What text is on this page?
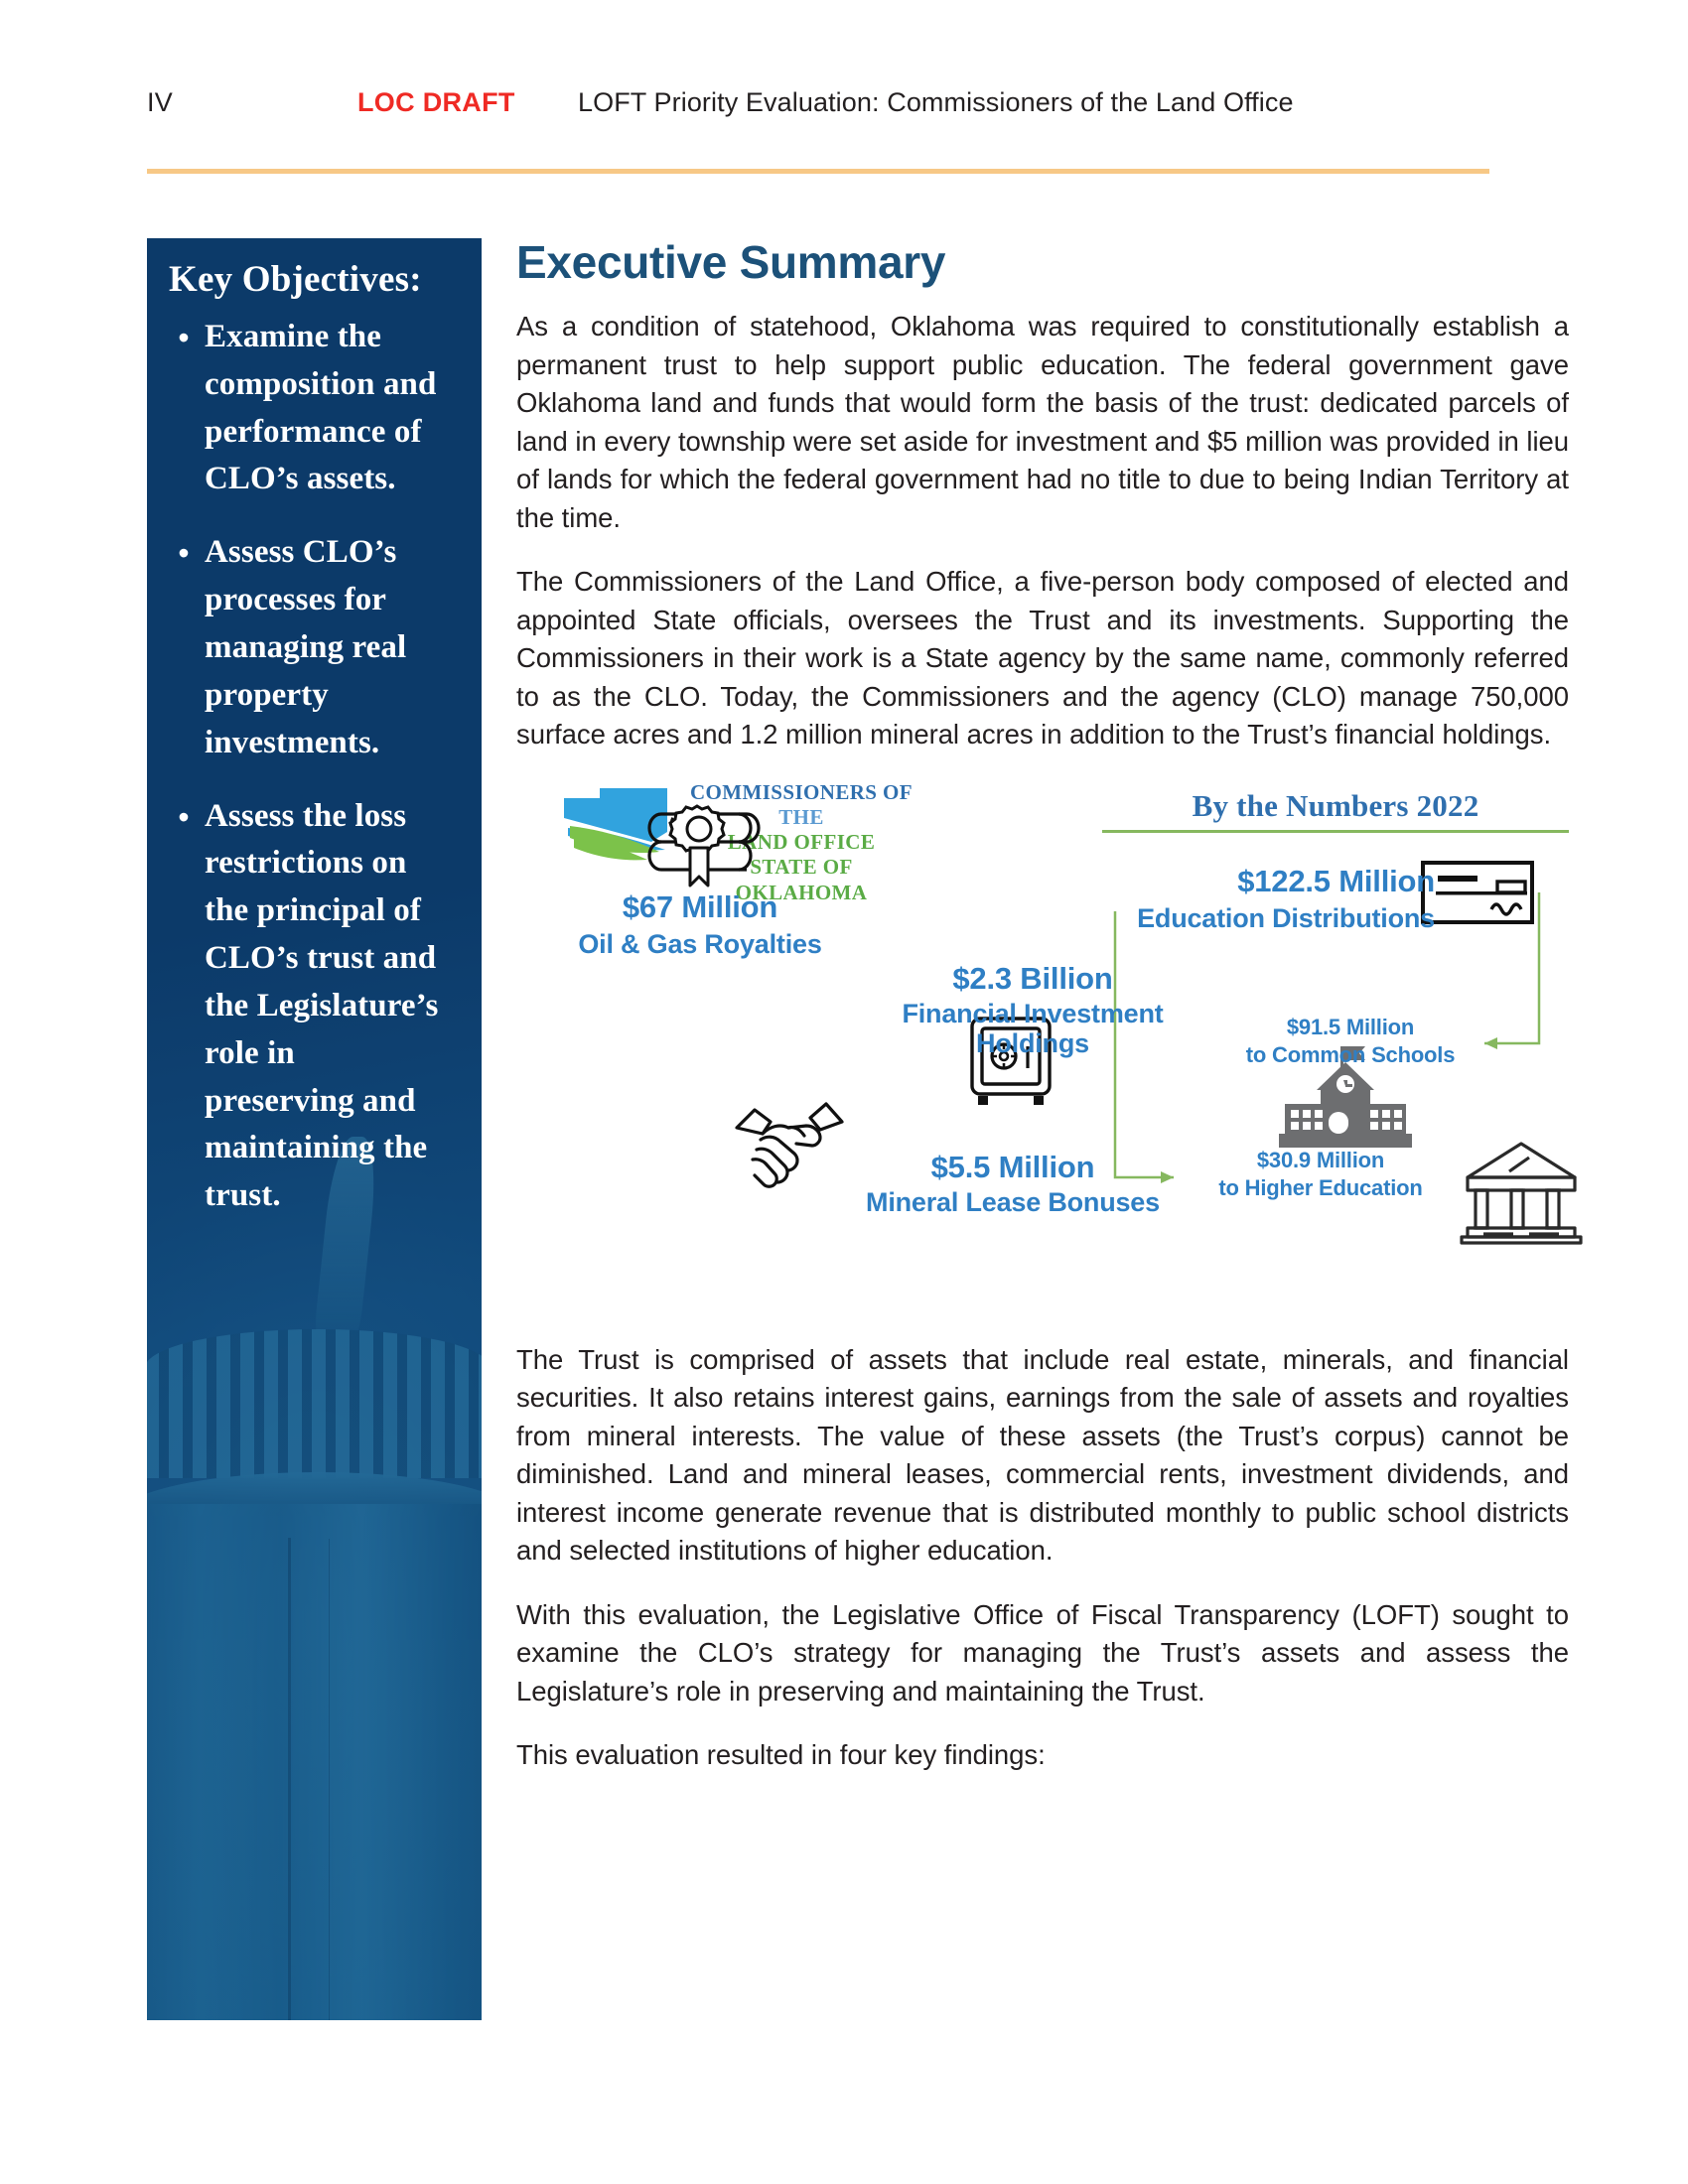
IV	LOC DRAFT	LOFT Priority Evaluation: Commissioners of the Land Office
Key Objectives:
• Examine the composition and performance of CLO’s assets.
• Assess CLO’s processes for managing real property investments.
• Assess the loss restrictions on the principal of CLO’s trust and the Legislature’s role in preserving and maintaining the trust.
Executive Summary

As a condition of statehood, Oklahoma was required to constitutionally establish a permanent trust to help support public education. The federal government gave Oklahoma land and funds that would form the basis of the trust: dedicated parcels of land in every township were set aside for investment and $5 million was provided in lieu of lands for which the federal government had no title to due to being Indian Territory at the time.

The Commissioners of the Land Office, a five-person body composed of elected and appointed State officials, oversees the Trust and its investments. Supporting the Commissioners in their work is a State agency by the same name, commonly referred to as the CLO. Today, the Commissioners and the agency (CLO) manage 750,000 surface acres and 1.2 million mineral acres in addition to the Trust’s financial holdings.

COMMISSIONERS OF
THE
LAND OFFICE
STATE OF OKLAHOMA
By the Numbers 2022
$67 Million
Oil & Gas Royalties
$2.3 Billion
Financial Investment Holdings
$5.5 Million
Mineral Lease Bonuses
$122.5 Million
Education Distributions
$91.5 Million
to Common Schools
$30.9 Million
to Higher Education

The Trust is comprised of assets that include real estate, minerals, and financial securities. It also retains interest gains, earnings from the sale of assets and royalties from mineral interests. The value of these assets (the Trust’s corpus) cannot be diminished. Land and mineral leases, commercial rents, investment dividends, and interest income generate revenue that is distributed monthly to public school districts and selected institutions of higher education.

With this evaluation, the Legislative Office of Fiscal Transparency (LOFT) sought to examine the CLO’s strategy for managing the Trust’s assets and assess the Legislature’s role in preserving and maintaining the Trust.

This evaluation resulted in four key findings:
